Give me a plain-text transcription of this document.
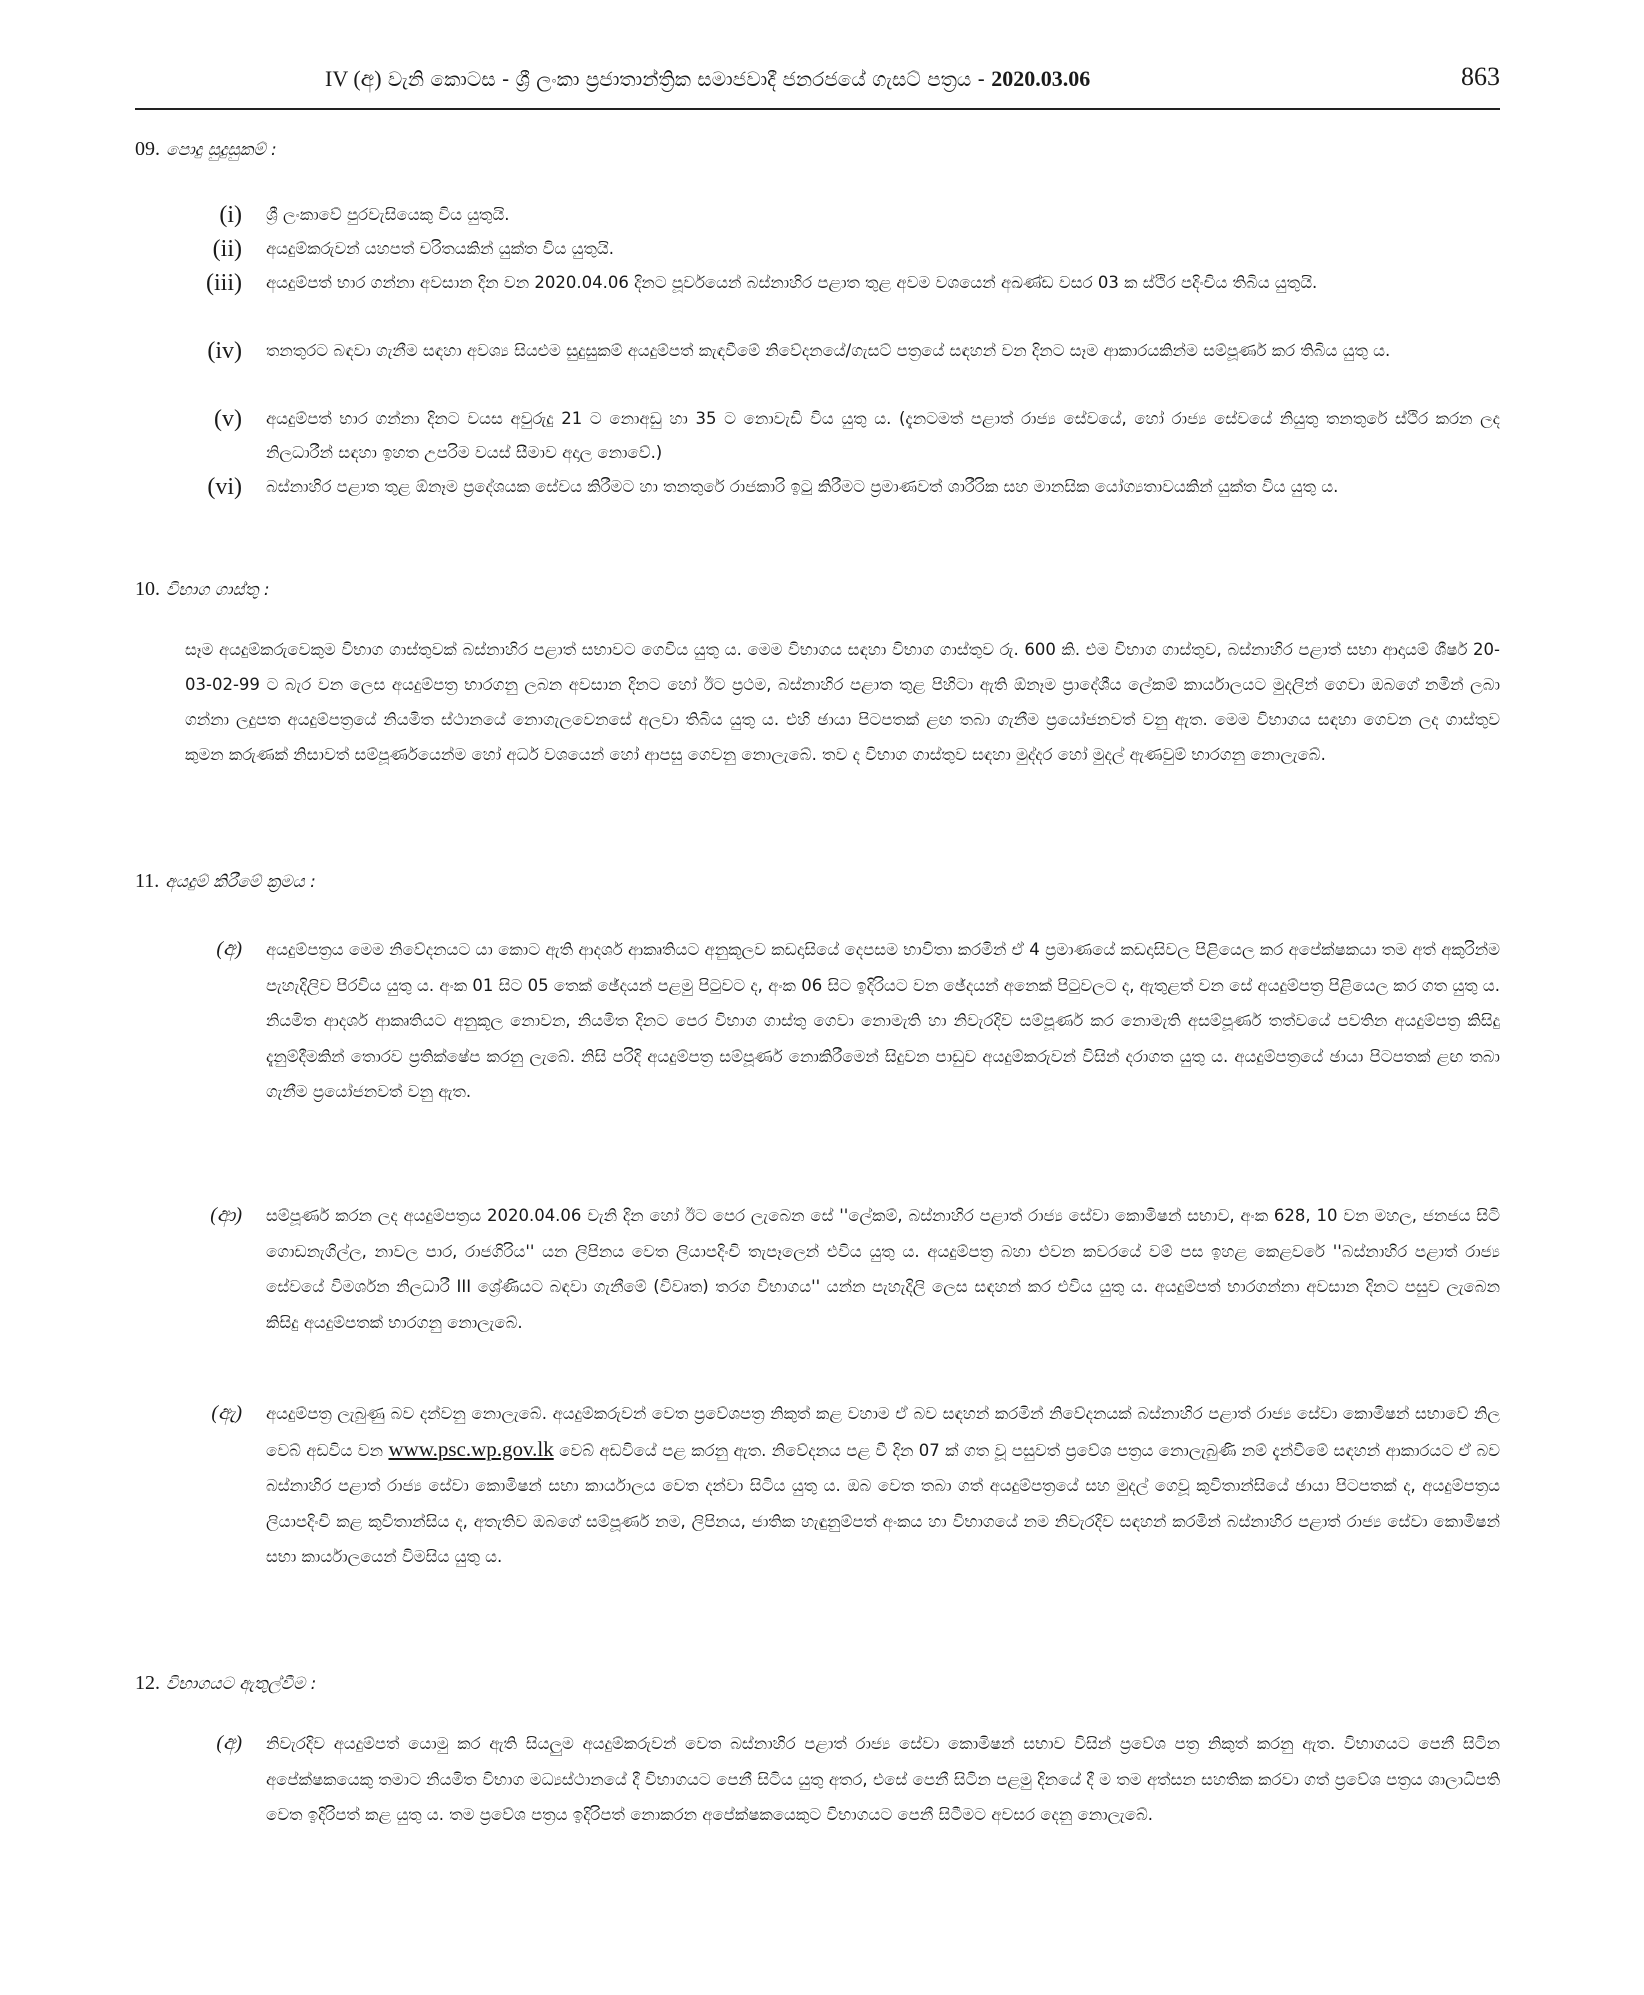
IV (අ) වැනි කොටස - ශ්‍රී ලංකා ප්‍රජාතාන්ත්‍රික සමාජවාදී ජනරජයේ ගැසට් පත්‍රය - 2020.03.06	863
09. පොදු සුදුසුකම් :
(i) ශ්‍රී ලංකාවේ පුරවැසියෙකු විය යුතුයි.
(ii) අයදුම්කරුවන් යහපත් චරිතයකින් යුක්ත විය යුතුයි.
(iii) අයදුම්පත් භාර ගන්නා අවසාන දින වන 2020.04.06 දිනට පූර්වයෙන් බස්නාහිර පළාත තුළ අවම වශයෙන් අඛණ්ඩ වසර 03 ක ස්ථිර පදිංචිය තිබිය යුතුයි.
(iv) තනතුරට බඳවා ගැනීම සඳහා අවශ්‍ය සියළුම සුදුසුකම් අයදුම්පත් කැඳවීමේ නිවේදනයේ/ගැසට් පත්‍රයේ සඳහන් වන දිනට සෑම ආකාරයකින්ම සම්පූර්ණ කර තිබිය යුතු ය.
(v) අයදුම්පත් භාර ගන්නා දිනට වයස අවුරුදු 21 ට නොඅඩු හා 35 ට නොවැඩි විය යුතු ය. (දැනටමත් පළාත් රාජ්‍ය සේවයේ, හෝ රාජ්‍ය සේවයේ නියුතු තනතුරේ ස්ථිර කරන ලද නිලධාරීන් සඳහා ඉහත උපරිම වයස් සීමාව අදාල නොවේ.)
(vi) බස්නාහිර පළාත තුළ ඕනෑම ප්‍රදේශයක සේවය කිරීමට හා තනතුරේ රාජකාරි ඉටු කිරීමට ප්‍රමාණවත් ශාරීරික සහ මානසික යෝග්‍යතාවයකින් යුක්ත විය යුතු ය.
10. විභාග ගාස්තු :
සෑම අයදුම්කරුවෙකුම විභාග ගාස්තුවක් බස්නාහිර පළාත් සභාවට ගෙවිය යුතු ය. මෙම විභාගය සඳහා විභාග ගාස්තුව රු. 600 කි. එම විභාග ගාස්තුව, බස්නාහිර පළාත් සභා ආදායම් ශීර්ෂ 20-03-02-99 ට බැර වන ලෙස අයදුම්පත්‍ර භාරගනු ලබන අවසාන දිනට හෝ ඊට ප්‍රථම, බස්නාහිර පළාත තුළ පිහිටා ඇති ඕනෑම ප්‍රාදේශීය ලේකම් කාර්යාලයට මුදලින් ගෙවා ඔබගේ නමින් ලබා ගන්නා ලදුපත අයදුම්පත්‍රයේ නියමිත ස්ථානයේ නොගැලවෙනසේ අලවා තිබිය යුතු ය. එහි ඡායා පිටපතක් ළඟ තබා ගැනීම ප්‍රයෝජනවත් වනු ඇත. මෙම විභාගය සඳහා ගෙවන ලද ගාස්තුව කුමන කරුණක් නිසාවත් සම්පූර්ණයෙන්ම හෝ අර්ධ වශයෙන් හෝ ආපසු ගෙවනු නොලැබේ. තව ද විභාග ගාස්තුව සඳහා මුද්දර හෝ මුදල් ඇණවුම් භාරගනු නොලැබේ.
11. අයදුම් කිරීමේ ක්‍රමය :
(අ) අයදුම්පත්‍රය මෙම නිවේදනයට යා කොට ඇති ආදර්ශ ආකෘතියට අනුකූලව කඩදාසියේ දෙපසම භාවිතා කරමින් ඒ 4 ප්‍රමාණයේ කඩදාසිවල පිළියෙල කර අපේක්ෂකයා තම අත් අකුරින්ම පැහැදිලිව පිරවිය යුතු ය. අංක 01 සිට 05 තෙක් ඡේදයන් පළමු පිටුවට ද, අංක 06 සිට ඉදිරියට වන ඡේදයන් අනෙක් පිටුවලට ද, ඇතුළත් වන සේ අයදුම්පත්‍ර පිළියෙල කර ගත යුතු ය. නියමිත ආදර්ශ ආකෘතියට අනුකූල නොවන, නියමිත දිනට පෙර විභාග ගාස්තු ගෙවා නොමැති හා නිවැරදිව සම්පූර්ණ කර නොමැති අසම්පූර්ණ තත්වයේ පවතින අයදුම්පත්‍ර කිසිදු දැනුම්දීමකින් තොරව ප්‍රතික්ෂේප කරනු ලැබේ. නිසි පරිදි අයදුම්පත්‍ර සම්පූර්ණ නොකිරීමෙන් සිදුවන පාඩුව අයදුම්කරුවන් විසින් දරාගත යුතු ය. අයදුම්පත්‍රයේ ඡායා පිටපතක් ළඟ තබා ගැනීම ප්‍රයෝජනවත් වනු ඇත.
(ආ) සම්පූර්ණ කරන ලද අයදුම්පත්‍රය 2020.04.06 වැනි දින හෝ ඊට පෙර ලැබෙන සේ ''ලේකම්, බස්නාහිර පළාත් රාජ්‍ය සේවා කොමිෂන් සභාව, අංක 628, 10 වන මහල, ජනජය සිටි ගොඩනැගිල්ල, නාවල පාර, රාජගිරිය'' යන ලිපිනය වෙත ලියාපදිංචි තැපෑලෙන් එවිය යුතු ය. අයදුම්පත්‍ර බහා එවන කවරයේ වම් පස ඉහළ කෙළවරේ ''බස්නාහිර පළාත් රාජ්‍ය සේවයේ විමර්ශන නිලධාරී III ශ්‍රේණියට බඳවා ගැනීමේ (විවෘත) තරග විභාගය'' යන්න පැහැදිලි ලෙස සඳහන් කර එවිය යුතු ය. අයදුම්පත් භාරගන්නා අවසාන දිනට පසුව ලැබෙන කිසිදු අයදුම්පතක් භාරගනු නොලැබේ.
(ඇ) අයදුම්පත්‍ර ලැබුණු බව දන්වනු නොලැබේ. අයදුම්කරුවන් වෙත ප්‍රවේශපත්‍ර නිකුත් කළ වහාම ඒ බව සඳහන් කරමින් නිවේදනයක් බස්නාහිර පළාත් රාජ්‍ය සේවා කොමිෂන් සභාවේ නිල වෙබ් අඩවිය වන www.psc.wp.gov.lk වෙබ් අඩවියේ පළ කරනු ඇත. නිවේදනය පළ වී දින 07 ක් ගත වූ පසුවත් ප්‍රවේශ පත්‍රය නොලැබුණි නම් දැන්වීමේ සඳහන් ආකාරයට ඒ බව බස්නාහිර පළාත් රාජ්‍ය සේවා කොමිෂන් සභා කාර්යාලය වෙත දන්වා සිටිය යුතු ය. ඔබ වෙත තබා ගත් අයදුම්පත්‍රයේ සහ මුදල් ගෙවූ කුවිතාන්සියේ ඡායා පිටපතක් ද, අයදුම්පත්‍රය ලියාපදිංචි කළ කුවිතාන්සිය ද, අතැතිව ඔබගේ සම්පූර්ණ නම, ලිපිනය, ජාතික හැඳුනුම්පත් අංකය හා විභාගයේ නම නිවැරදිව සඳහන් කරමින් බස්නාහිර පළාත් රාජ්‍ය සේවා කොමිෂන් සභා කාර්යාලයෙන් විමසිය යුතු ය.
12. විභාගයට ඇතුල්වීම :
(අ) නිවැරදිව අයදුම්පත් යොමු කර ඇති සියලුම අයදුම්කරුවන් වෙත බස්නාහිර පළාත් රාජ්‍ය සේවා කොමිෂන් සභාව විසින් ප්‍රවේශ පත්‍ර නිකුත් කරනු ඇත. විභාගයට පෙනී සිටින අපේක්ෂකයෙකු තමාට නියමිත විභාග මධ්‍යස්ථානයේ දී විභාගයට පෙනී සිටිය යුතු අතර, එසේ පෙනී සිටින පළමු දිනයේ දී ම තම අත්සන සහතික කරවා ගත් ප්‍රවේශ පත්‍රය ශාලාධිපති වෙත ඉදිරිපත් කළ යුතු ය. තම ප්‍රවේශ පත්‍රය ඉදිරිපත් නොකරන අපේක්ෂකයෙකුට විභාගයට පෙනී සිටීමට අවසර දෙනු නොලැබේ.
